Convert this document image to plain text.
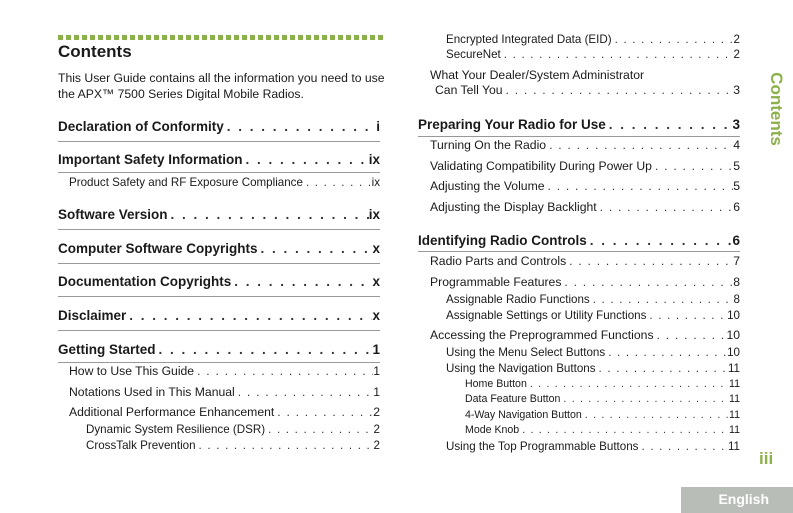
Contents
This User Guide contains all the information you need to use the APX™ 7500 Series Digital Mobile Radios.
Declaration of Conformity . . .	i
Important Safety Information . . .	ix
Product Safety and RF Exposure Compliance . . .	ix
Software Version . . .	ix
Computer Software Copyrights . . .	x
Documentation Copyrights . . .	x
Disclaimer . . .	x
Getting Started . . .	1
How to Use This Guide . . .	1
Notations Used in This Manual . . .	1
Additional Performance Enhancement . . .	2
Dynamic System Resilience (DSR) . . .	2
CrossTalk Prevention . . .	2
Encrypted Integrated Data (EID) . . .	2
SecureNet . . .	2
What Your Dealer/System Administrator
Can Tell You . . .	3
Preparing Your Radio for Use . . .	3
Turning On the Radio . . .	4
Validating Compatibility During Power Up . . .	5
Adjusting the Volume . . .	5
Adjusting the Display Backlight . . .	6
Identifying Radio Controls . . .	6
Radio Parts and Controls . . .	7
Programmable Features . . .	8
Assignable Radio Functions . . .	8
Assignable Settings or Utility Functions . . .	10
Accessing the Preprogrammed Functions . . .	10
Using the Menu Select Buttons . . .	10
Using the Navigation Buttons . . .	11
Home Button . . .	11
Data Feature Button . . .	11
4-Way Navigation Button . . .	11
Mode Knob . . .	11
Using the Top Programmable Buttons . . .	11
Contents
iii
English
